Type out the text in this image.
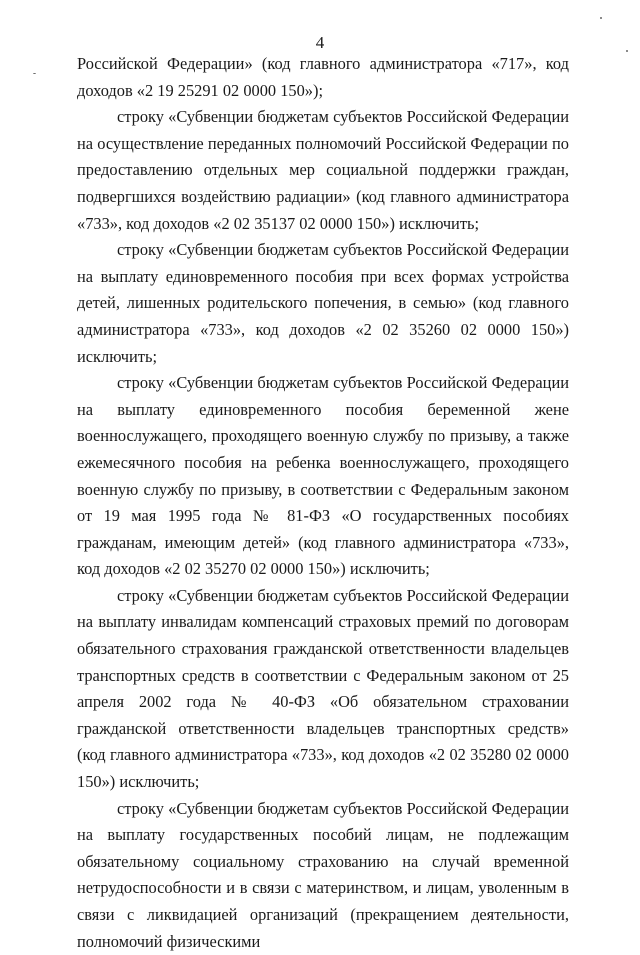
4

Российской Федерации» (код главного администратора «717», код доходов «2 19 25291 02 0000 150»);

строку «Субвенции бюджетам субъектов Российской Федерации на осуществление переданных полномочий Российской Федерации по предоставлению отдельных мер социальной поддержки граждан, подвергшихся воздействию радиации» (код главного администратора «733», код доходов «2 02 35137 02 0000 150») исключить;

строку «Субвенции бюджетам субъектов Российской Федерации на выплату единовременного пособия при всех формах устройства детей, лишенных родительского попечения, в семью» (код главного администратора «733», код доходов «2 02 35260 02 0000 150») исключить;

строку «Субвенции бюджетам субъектов Российской Федерации на выплату единовременного пособия беременной жене военнослужащего, проходящего военную службу по призыву, а также ежемесячного пособия на ребенка военнослужащего, проходящего военную службу по призыву, в соответствии с Федеральным законом от 19 мая 1995 года № 81-ФЗ «О государственных пособиях гражданам, имеющим детей» (код главного администратора «733», код доходов «2 02 35270 02 0000 150») исключить;

строку «Субвенции бюджетам субъектов Российской Федерации на выплату инвалидам компенсаций страховых премий по договорам обязательного страхования гражданской ответственности владельцев транспортных средств в соответствии с Федеральным законом от 25 апреля 2002 года № 40-ФЗ «Об обязательном страховании гражданской ответственности владельцев транспортных средств» (код главного администратора «733», код доходов «2 02 35280 02 0000 150») исключить;

строку «Субвенции бюджетам субъектов Российской Федерации на выплату государственных пособий лицам, не подлежащим обязательному социальному страхованию на случай временной нетрудоспособности и в связи с материнством, и лицам, уволенным в связи с ликвидацией организаций (прекращением деятельности, полномочий физическими
